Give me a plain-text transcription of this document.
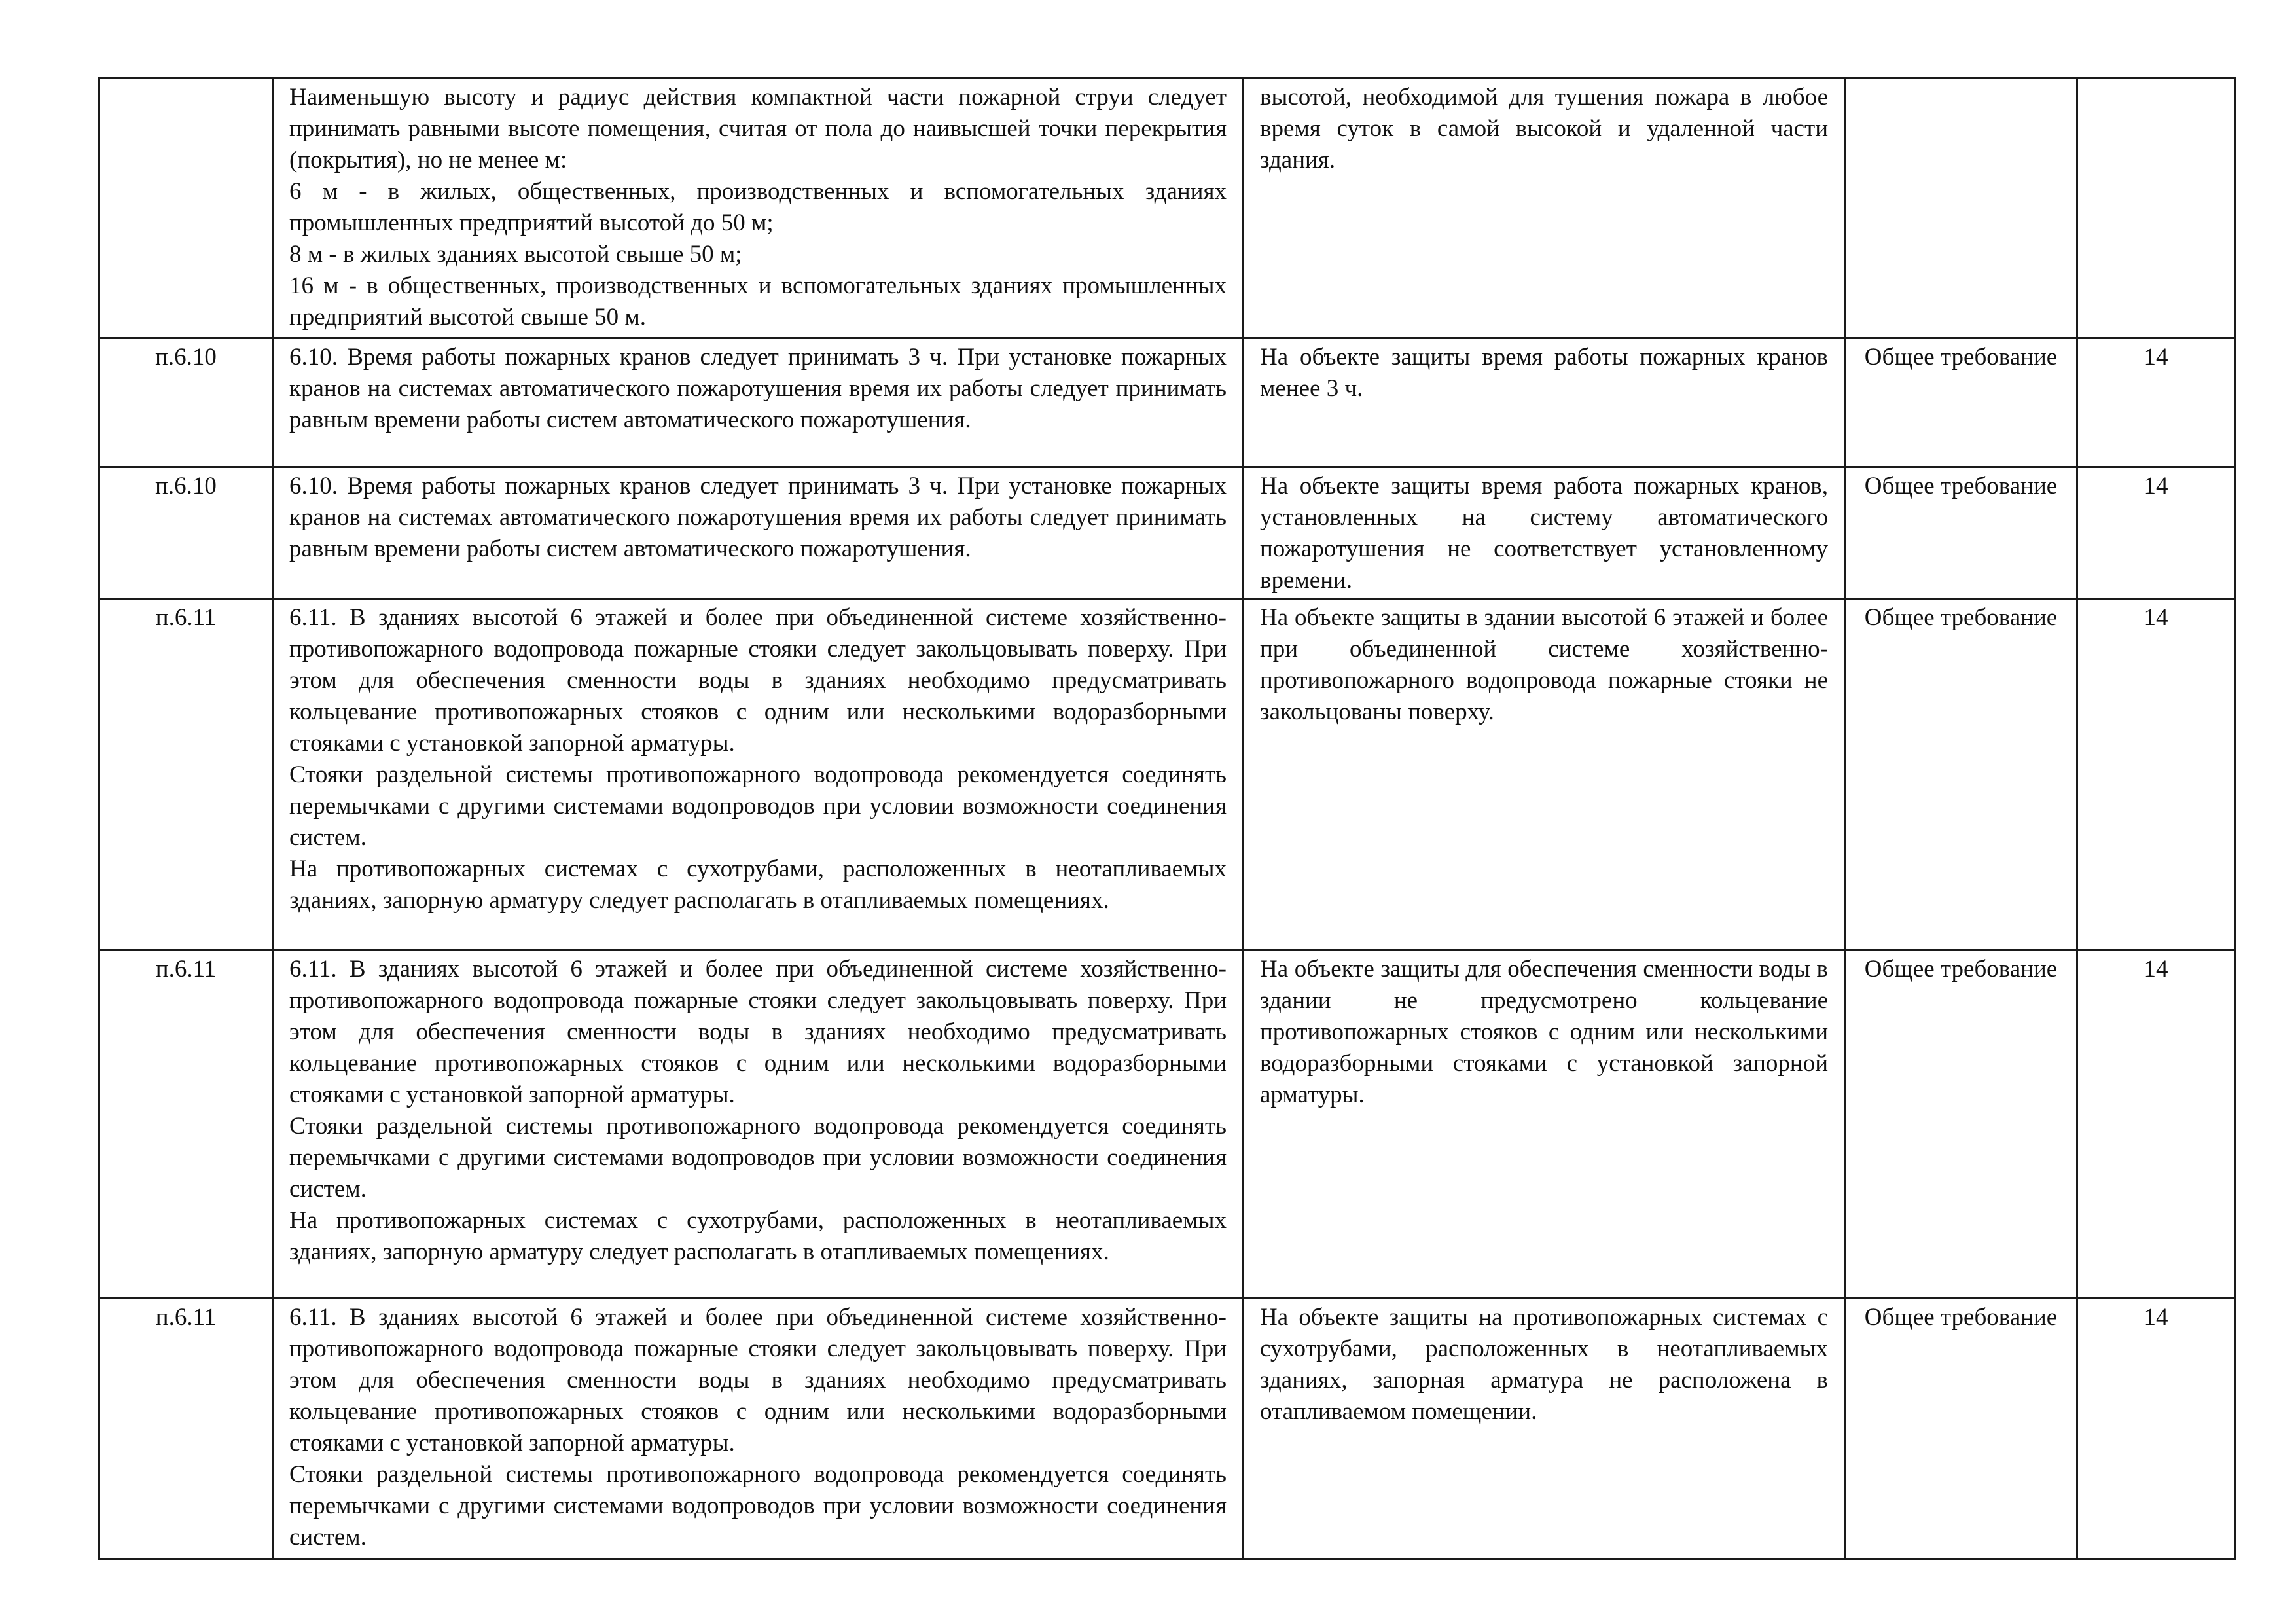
	Наименьшую высоту и радиус действия компактной части пожарной струи следует принимать равными высоте помещения, считая от пола до наивысшей точки перекрытия (покрытия), но не менее м:

6 м - в жилых, общественных, производственных и вспомогательных зданиях промышленных предприятий высотой до 50 м;

8 м - в жилых зданиях высотой свыше 50 м;

16 м - в общественных, производственных и вспомогательных зданиях промышленных предприятий высотой свыше 50 м.	высотой, необходимой для тушения пожара в любое время суток в самой высокой и удаленной части здания.		
п.6.10	6.10. Время работы пожарных кранов следует принимать 3 ч. При установке пожарных кранов на системах автоматического пожаротушения время их работы следует принимать равным времени работы систем автоматического пожаротушения.	На объекте защиты время работы пожарных кранов менее 3 ч.	Общее требование	14
п.6.10	6.10. Время работы пожарных кранов следует принимать 3 ч. При установке пожарных кранов на системах автоматического пожаротушения время их работы следует принимать равным времени работы систем автоматического пожаротушения.	На объекте защиты время работа пожарных кранов, установленных на систему автоматического пожаротушения не соответствует установленному времени.	Общее требование	14
п.6.11	6.11. В зданиях высотой 6 этажей и более при объединенной системе хозяйственно-противопожарного водопровода пожарные стояки следует закольцовывать поверху. При этом для обеспечения сменности воды в зданиях необходимо предусматривать кольцевание противопожарных стояков с одним или несколькими водоразборными стояками с установкой запорной арматуры.

Стояки раздельной системы противопожарного водопровода рекомендуется соединять перемычками с другими системами водопроводов при условии возможности соединения систем.

На противопожарных системах с сухотрубами, расположенных в неотапливаемых зданиях, запорную арматуру следует располагать в отапливаемых помещениях.	На объекте защиты в здании высотой 6 этажей и более при объединенной системе хозяйственно-противопожарного водопровода пожарные стояки не закольцованы поверху.	Общее требование	14
п.6.11	6.11. В зданиях высотой 6 этажей и более при объединенной системе хозяйственно-противопожарного водопровода пожарные стояки следует закольцовывать поверху. При этом для обеспечения сменности воды в зданиях необходимо предусматривать кольцевание противопожарных стояков с одним или несколькими водоразборными стояками с установкой запорной арматуры.

Стояки раздельной системы противопожарного водопровода рекомендуется соединять перемычками с другими системами водопроводов при условии возможности соединения систем.

На противопожарных системах с сухотрубами, расположенных в неотапливаемых зданиях, запорную арматуру следует располагать в отапливаемых помещениях.	На объекте защиты для обеспечения сменности воды в здании не предусмотрено кольцевание противопожарных стояков с одним или несколькими водоразборными стояками с установкой запорной арматуры.	Общее требование	14
п.6.11	6.11. В зданиях высотой 6 этажей и более при объединенной системе хозяйственно-противопожарного водопровода пожарные стояки следует закольцовывать поверху. При этом для обеспечения сменности воды в зданиях необходимо предусматривать кольцевание противопожарных стояков с одним или несколькими водоразборными стояками с установкой запорной арматуры.

Стояки раздельной системы противопожарного водопровода рекомендуется соединять перемычками с другими системами водопроводов при условии возможности соединения систем.	На объекте защиты на противопожарных системах с сухотрубами, расположенных в неотапливаемых зданиях, запорная арматура не расположена в отапливаемом помещении.	Общее требование	14
